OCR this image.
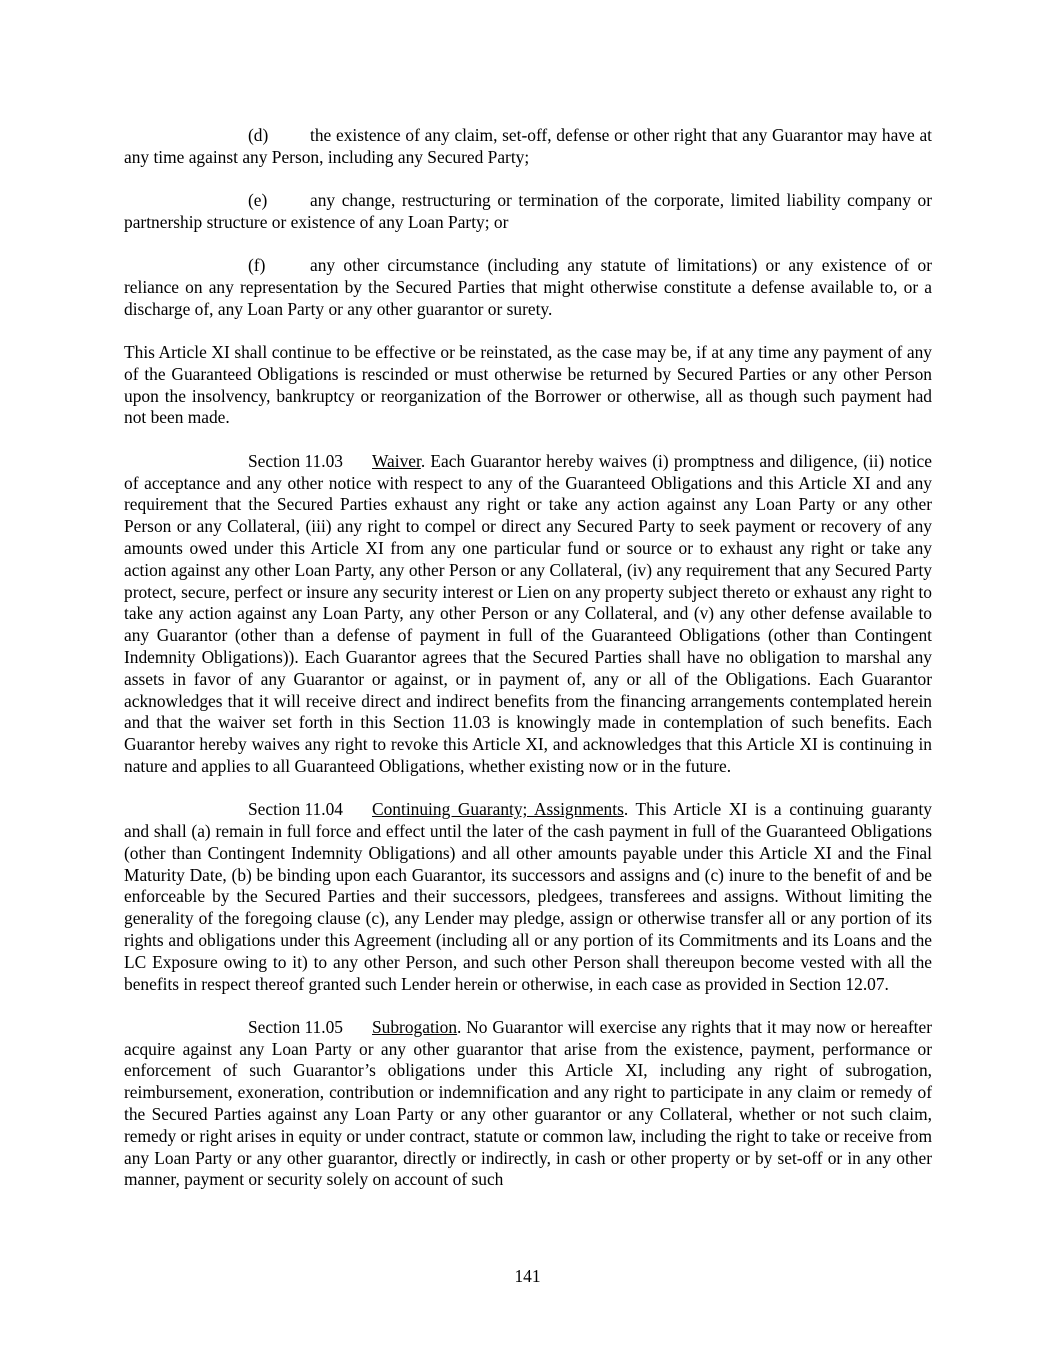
(d) the existence of any claim, set-off, defense or other right that any Guarantor may have at any time against any Person, including any Secured Party;

(e) any change, restructuring or termination of the corporate, limited liability company or partnership structure or existence of any Loan Party; or

(f)	any other circumstance (including any statute of limitations) or any existence of or reliance on any representation by the Secured Parties that might otherwise constitute a defense available to, or a discharge of, any Loan Party or any other guarantor or surety.

This Article XI shall continue to be effective or be reinstated, as the case may be, if at any time any payment of any of the Guaranteed Obligations is rescinded or must otherwise be returned by Secured Parties or any other Person upon the insolvency, bankruptcy or reorganization of the Borrower or otherwise, all as though such payment had not been made.

Section 11.03 Waiver. Each Guarantor hereby waives (i) promptness and diligence, (ii) notice of acceptance and any other notice with respect to any of the Guaranteed Obligations and this Article XI and any requirement that the Secured Parties exhaust any right or take any action against any Loan Party or any other Person or any Collateral, (iii) any right to compel or direct any Secured Party to seek payment or recovery of any amounts owed under this Article XI from any one particular fund or source or to exhaust any right or take any action against any other Loan Party, any other Person or any Collateral, (iv) any requirement that any Secured Party protect, secure, perfect or insure any security interest or Lien on any property subject thereto or exhaust any right to take any action against any Loan Party, any other Person or any Collateral, and (v) any other defense available to any Guarantor (other than a defense of payment in full of the Guaranteed Obligations (other than Contingent Indemnity Obligations)). Each Guarantor agrees that the Secured Parties shall have no obligation to marshal any assets in favor of any Guarantor or against, or in payment of, any or all of the Obligations. Each Guarantor acknowledges that it will receive direct and indirect benefits from the financing arrangements contemplated herein and that the waiver set forth in this Section 11.03 is knowingly made in contemplation of such benefits. Each Guarantor hereby waives any right to revoke this Article XI, and acknowledges that this Article XI is continuing in nature and applies to all Guaranteed Obligations, whether existing now or in the future.

Section 11.04 Continuing Guaranty; Assignments. This Article XI is a continuing guaranty and shall (a) remain in full force and effect until the later of the cash payment in full of the Guaranteed Obligations (other than Contingent Indemnity Obligations) and all other amounts payable under this Article XI and the Final Maturity Date, (b) be binding upon each Guarantor, its successors and assigns and (c) inure to the benefit of and be enforceable by the Secured Parties and their successors, pledgees, transferees and assigns. Without limiting the generality of the foregoing clause (c), any Lender may pledge, assign or otherwise transfer all or any portion of its rights and obligations under this Agreement (including all or any portion of its Commitments and its Loans and the LC Exposure owing to it) to any other Person, and such other Person shall thereupon become vested with all the benefits in respect thereof granted such Lender herein or otherwise, in each case as provided in Section 12.07.

Section 11.05 Subrogation. No Guarantor will exercise any rights that it may now or hereafter acquire against any Loan Party or any other guarantor that arise from the existence, payment, performance or enforcement of such Guarantor’s obligations under this Article XI, including any right of subrogation, reimbursement, exoneration, contribution or indemnification and any right to participate in any claim or remedy of the Secured Parties against any Loan Party or any other guarantor or any Collateral, whether or not such claim, remedy or right arises in equity or under contract, statute or common law, including the right to take or receive from any Loan Party or any other guarantor, directly or indirectly, in cash or other property or by set-off or in any other manner, payment or security solely on account of such

141
